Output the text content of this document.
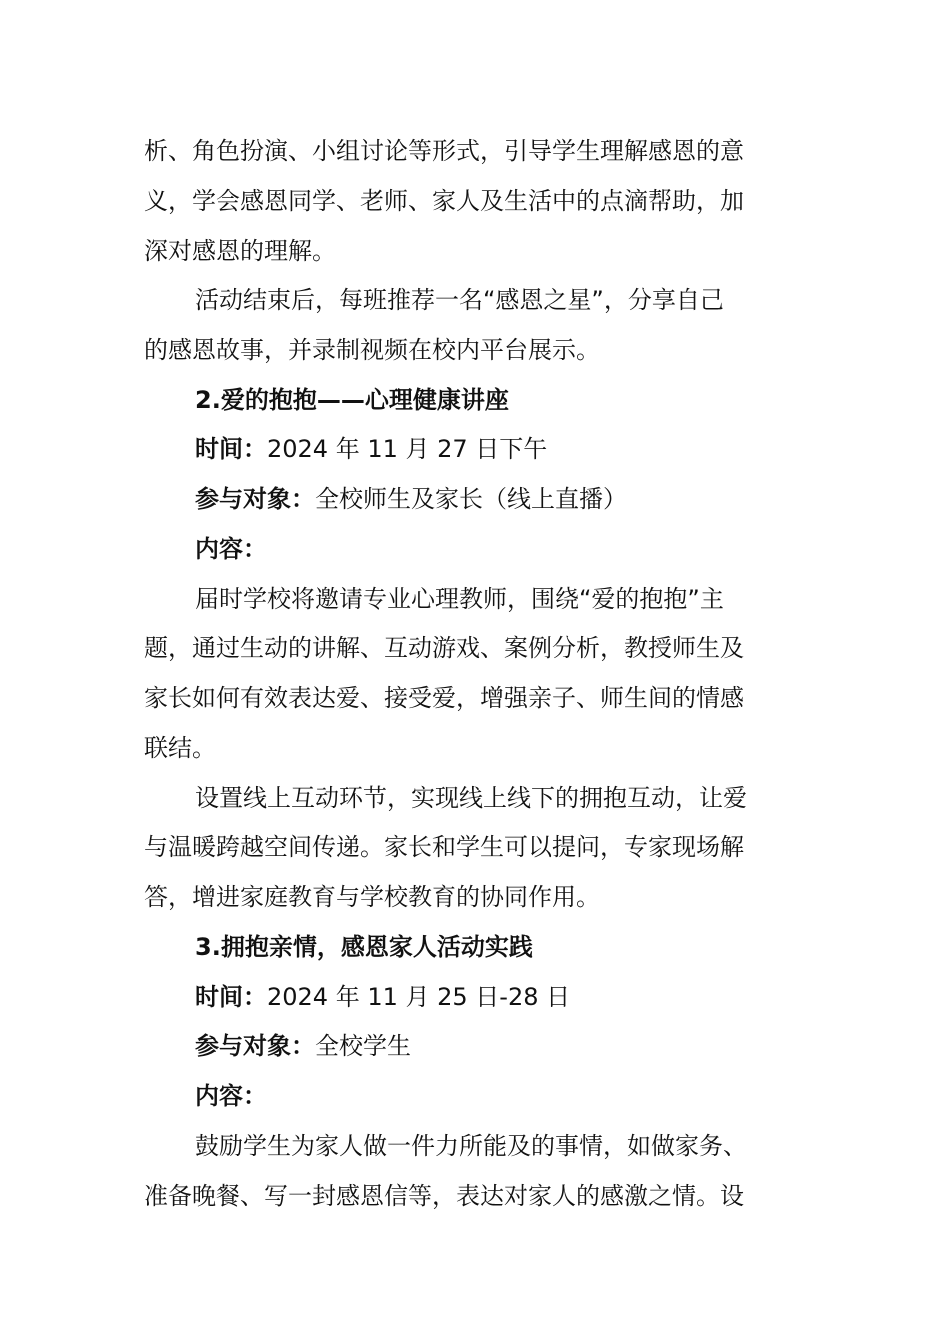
析、角色扮演、小组讨论等形式，引导学生理解感恩的意
义，学会感恩同学、老师、家人及生活中的点滴帮助，加
深对感恩的理解。
活动结束后，每班推荐一名“感恩之星”，分享自己
的感恩故事，并录制视频在校内平台展示。
2.爱的抱抱——心理健康讲座
时间：2024 年 11 月 27 日下午
参与对象：全校师生及家长（线上直播）
内容：
届时学校将邀请专业心理教师，围绕“爱的抱抱”主
题，通过生动的讲解、互动游戏、案例分析，教授师生及
家长如何有效表达爱、接受爱，增强亲子、师生间的情感
联结。
设置线上互动环节，实现线上线下的拥抱互动，让爱
与温暖跨越空间传递。家长和学生可以提问，专家现场解
答，增进家庭教育与学校教育的协同作用。
3.拥抱亲情，感恩家人活动实践
时间：2024 年 11 月 25 日-28 日
参与对象：全校学生
内容：
鼓励学生为家人做一件力所能及的事情，如做家务、
准备晚餐、写一封感恩信等，表达对家人的感激之情。设
